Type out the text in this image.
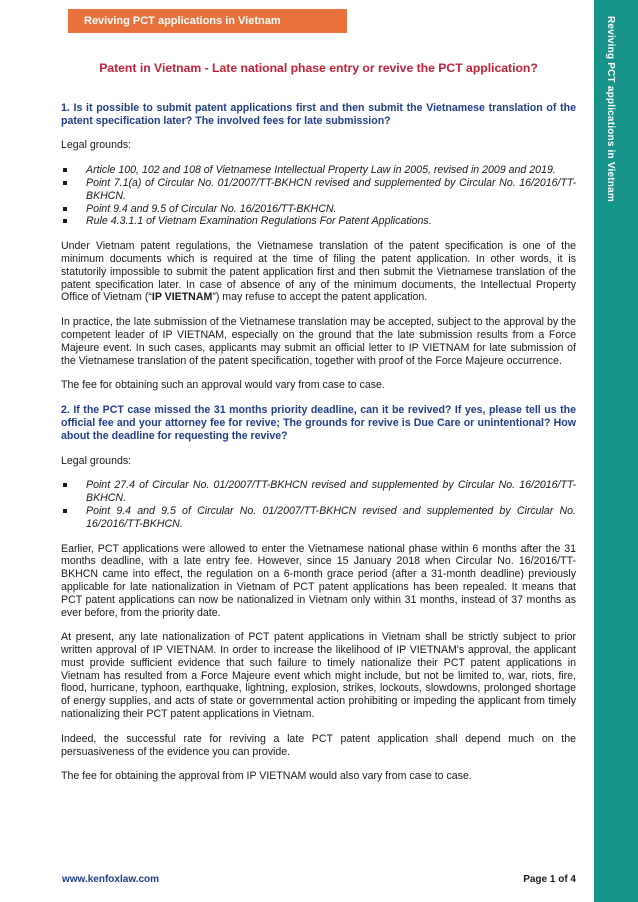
Reviving PCT applications in Vietnam	Reviving PCT applications in Vietnam
Patent in Vietnam - Late national phase entry or revive the PCT application?
1. Is it possible to submit patent applications first and then submit the Vietnamese translation of the patent specification later? The involved fees for late submission?

Legal grounds:

Article 100, 102 and 108 of Vietnamese Intellectual Property Law in 2005, revised in 2009 and 2019.
Point 7.1(a) of Circular No. 01/2007/TT-BKHCN revised and supplemented by Circular No. 16/2016/TT-BKHCN.
Point 9.4 and 9.5 of Circular No. 16/2016/TT-BKHCN.
Rule 4.3.1.1 of Vietnam Examination Regulations For Patent Applications.

Under Vietnam patent regulations, the Vietnamese translation of the patent specification is one of the minimum documents which is required at the time of filing the patent application. In other words, it is statutorily impossible to submit the patent application first and then submit the Vietnamese translation of the patent specification later. In case of absence of any of the minimum documents, the Intellectual Property Office of Vietnam (“IP VIETNAM”) may refuse to accept the patent application.

In practice, the late submission of the Vietnamese translation may be accepted, subject to the approval by the competent leader of IP VIETNAM, especially on the ground that the late submission results from a Force Majeure event. In such cases, applicants may submit an official letter to IP VIETNAM for late submission of the Vietnamese translation of the patent specification, together with proof of the Force Majeure occurrence.

The fee for obtaining such an approval would vary from case to case.

2. If the PCT case missed the 31 months priority deadline, can it be revived? If yes, please tell us the official fee and your attorney fee for revive; The grounds for revive is Due Care or unintentional? How about the deadline for requesting the revive?

Legal grounds:

Point 27.4 of Circular No. 01/2007/TT-BKHCN revised and supplemented by Circular No. 16/2016/TT-BKHCN.
Point 9.4 and 9.5 of Circular No. 01/2007/TT-BKHCN revised and supplemented by Circular No. 16/2016/TT-BKHCN.

Earlier, PCT applications were allowed to enter the Vietnamese national phase within 6 months after the 31 months deadline, with a late entry fee. However, since 15 January 2018 when Circular No. 16/2016/TT-BKHCN came into effect, the regulation on a 6-month grace period (after a 31-month deadline) previously applicable for late nationalization in Vietnam of PCT patent applications has been repealed. It means that PCT patent applications can now be nationalized in Vietnam only within 31 months, instead of 37 months as ever before, from the priority date.

At present, any late nationalization of PCT patent applications in Vietnam shall be strictly subject to prior written approval of IP VIETNAM. In order to increase the likelihood of IP VIETNAM's approval, the applicant must provide sufficient evidence that such failure to timely nationalize their PCT patent applications in Vietnam has resulted from a Force Majeure event which might include, but not be limited to, war, riots, fire, flood, hurricane, typhoon, earthquake, lightning, explosion, strikes, lockouts, slowdowns, prolonged shortage of energy supplies, and acts of state or governmental action prohibiting or impeding the applicant from timely nationalizing their PCT patent applications in Vietnam.

Indeed, the successful rate for reviving a late PCT patent application shall depend much on the persuasiveness of the evidence you can provide.

The fee for obtaining the approval from IP VIETNAM would also vary from case to case.

www.kenfoxlaw.com	Page 1 of 4
